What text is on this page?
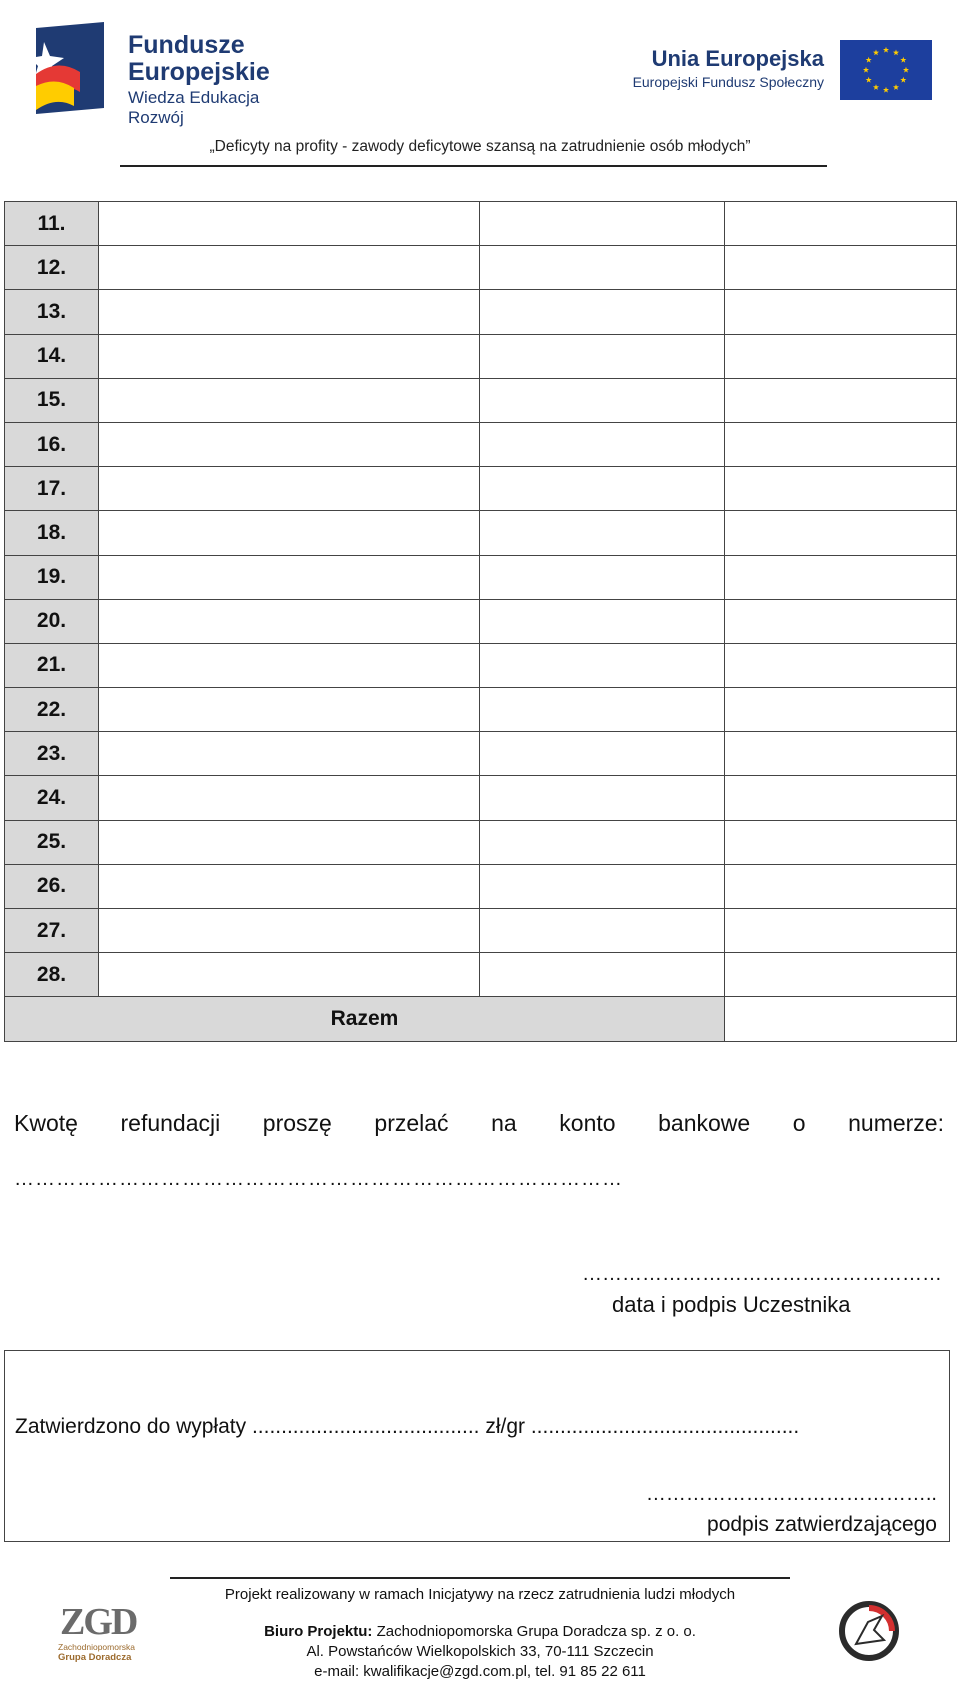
Fundusze
Europejskie
Wiedza Edukacja Rozwój
Unia Europejska
Europejski Fundusz Społeczny
„Deficyty na profity - zawody deficytowe szansą na zatrudnienie osób młodych”
11.			
12.			
13.			
14.			
15.			
16.			
17.			
18.			
19.			
20.			
21.			
22.			
23.			
24.			
25.			
26.			
27.			
28.			
Razem			
Kwotę refundacji proszę przelać na konto bankowe o numerze:
……………………………………………………………………………
………………………………………………
data i podpis Uczestnika
Zatwierdzono do wypłaty ....................................... zł/gr ..............................................
……………………………………..
podpis zatwierdzającego
Projekt realizowany w ramach Inicjatywy na rzecz zatrudnienia ludzi młodych
ZGD
Zachodniopomorska
Grupa Doradcza
Biuro Projektu: Zachodniopomorska Grupa Doradcza sp. z o. o.
Al. Powstańców Wielkopolskich 33, 70-111 Szczecin
e-mail: kwalifikacje@zgd.com.pl, tel. 91 85 22 611
